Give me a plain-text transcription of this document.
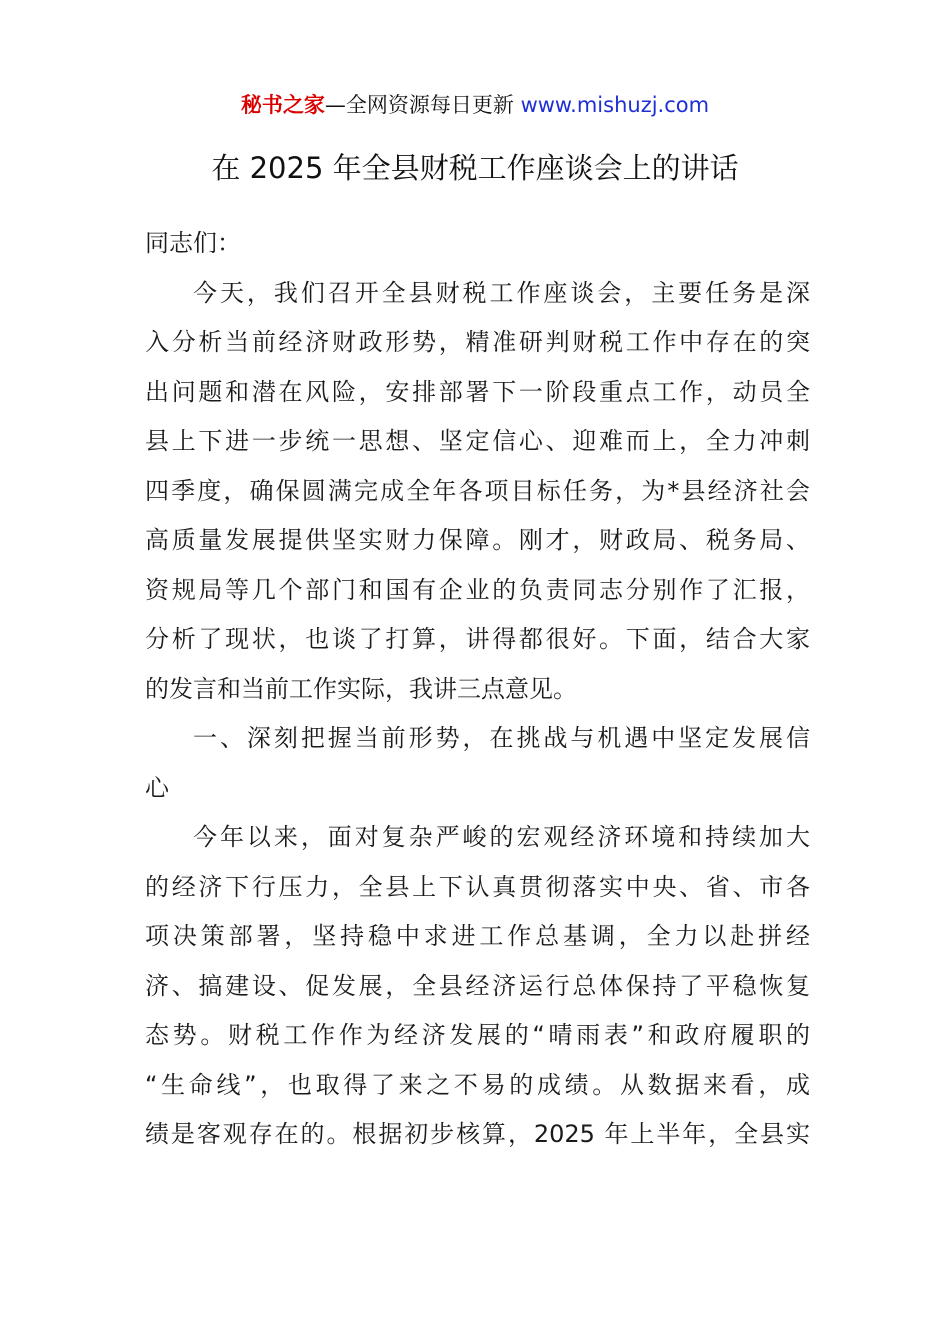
秘书之家—全网资源每日更新 www.mishuzj.com
在 2025 年全县财税工作座谈会上的讲话
同志们：
今天，我们召开全县财税工作座谈会，主要任务是深
入分析当前经济财政形势，精准研判财税工作中存在的突
出问题和潜在风险，安排部署下一阶段重点工作，动员全
县上下进一步统一思想、坚定信心、迎难而上，全力冲刺
四季度，确保圆满完成全年各项目标任务，为*县经济社会
高质量发展提供坚实财力保障。刚才，财政局、税务局、
资规局等几个部门和国有企业的负责同志分别作了汇报，
分析了现状，也谈了打算，讲得都很好。下面，结合大家
的发言和当前工作实际，我讲三点意见。
一、深刻把握当前形势，在挑战与机遇中坚定发展信
心
今年以来，面对复杂严峻的宏观经济环境和持续加大
的经济下行压力，全县上下认真贯彻落实中央、省、市各
项决策部署，坚持稳中求进工作总基调，全力以赴拼经
济、搞建设、促发展，全县经济运行总体保持了平稳恢复
态势。财税工作作为经济发展的“晴雨表”和政府履职的
“生命线”，也取得了来之不易的成绩。从数据来看，成
绩是客观存在的。根据初步核算，2025 年上半年，全县实
